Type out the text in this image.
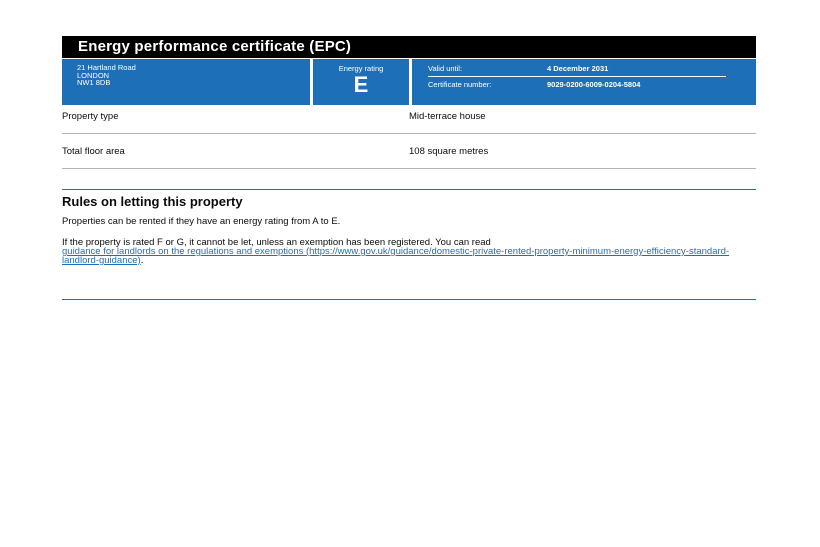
Energy performance certificate (EPC)
21 Hartland Road
LONDON
NW1 8DB
Energy rating
E
Valid until:	4 December 2031
Certificate number:	9029-0200-6009-0204-5804
Property type	Mid-terrace house
Total floor area	108 square metres
Rules on letting this property

Properties can be rented if they have an energy rating from A to E.

If the property is rated F or G, it cannot be let, unless an exemption has been registered. You can read
guidance for landlords on the regulations and exemptions (https://www.gov.uk/guidance/domestic-private-rented-property-minimum-energy-efficiency-standard-landlord-guidance).
